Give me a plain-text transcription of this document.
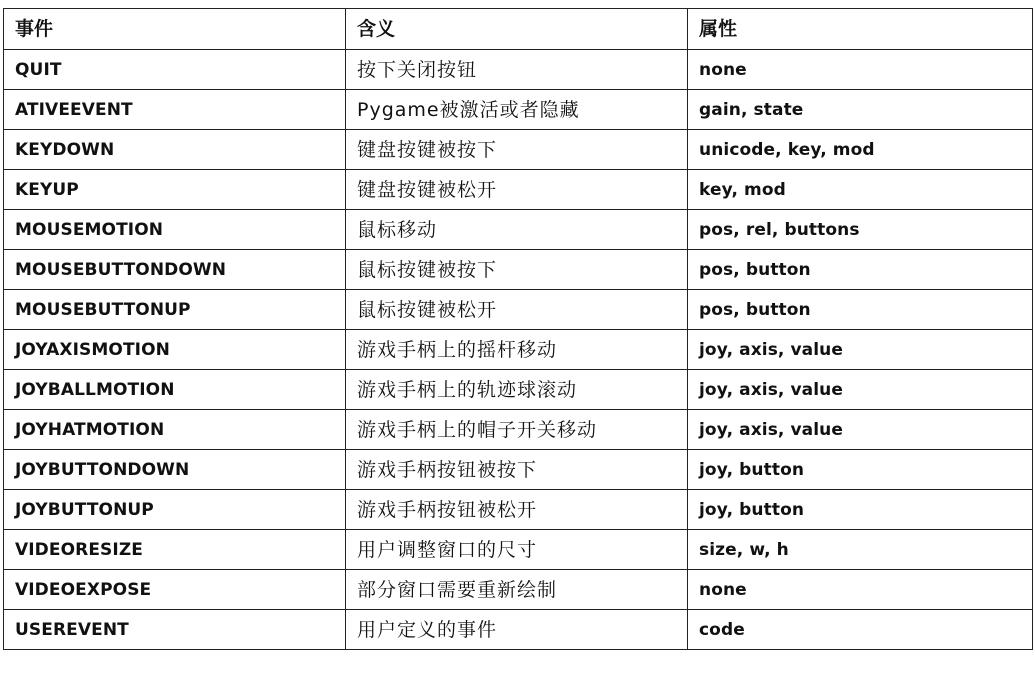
事件	含义	属性
QUIT	按下关闭按钮	none
ATIVEEVENT	Pygame被激活或者隐藏	gain, state
KEYDOWN	键盘按键被按下	unicode, key, mod
KEYUP	键盘按键被松开	key, mod
MOUSEMOTION	鼠标移动	pos, rel, buttons
MOUSEBUTTONDOWN	鼠标按键被按下	pos, button
MOUSEBUTTONUP	鼠标按键被松开	pos, button
JOYAXISMOTION	游戏手柄上的摇杆移动	joy, axis, value
JOYBALLMOTION	游戏手柄上的轨迹球滚动	joy, axis, value
JOYHATMOTION	游戏手柄上的帽子开关移动	joy, axis, value
JOYBUTTONDOWN	游戏手柄按钮被按下	joy, button
JOYBUTTONUP	游戏手柄按钮被松开	joy, button
VIDEORESIZE	用户调整窗口的尺寸	size, w, h
VIDEOEXPOSE	部分窗口需要重新绘制	none
USEREVENT	用户定义的事件	code
